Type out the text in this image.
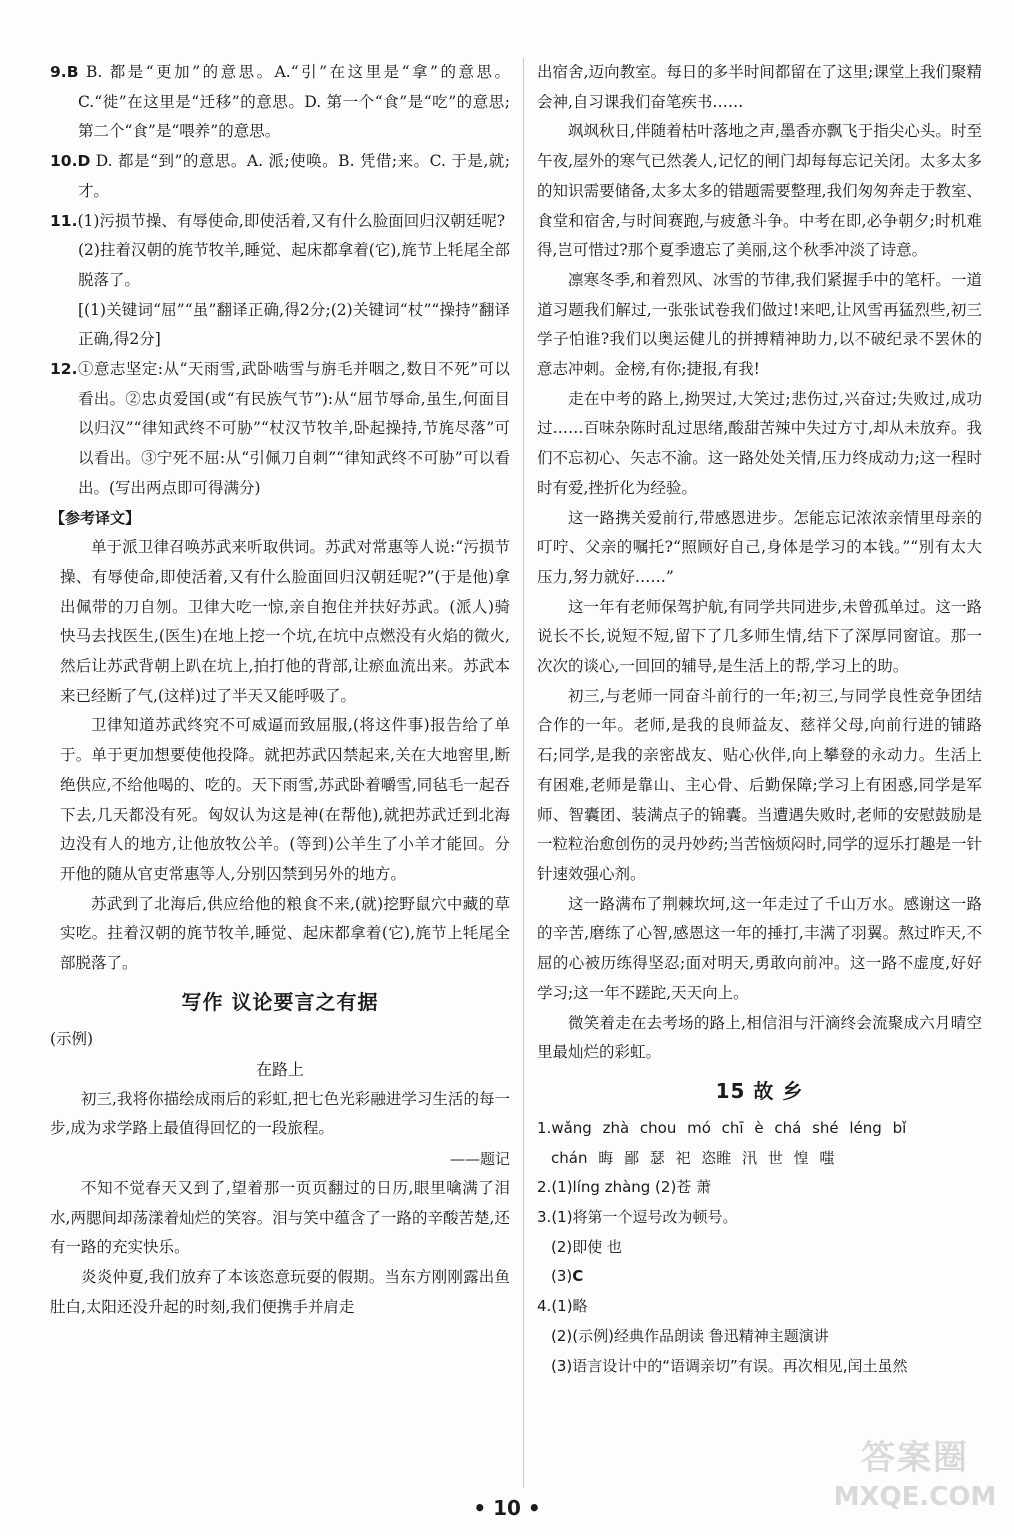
9.B B. 都是“更加”的意思。A.“引”在这里是“拿”的意思。C.“徙”在这里是“迁移”的意思。D. 第一个“食”是“吃”的意思;第二个“食”是“喂养”的意思。

10.D D. 都是“到”的意思。A. 派;使唤。B. 凭借;来。C. 于是,就;才。

11.(1)污损节操、有辱使命,即使活着,又有什么脸面回归汉朝廷呢?

(2)拄着汉朝的旄节牧羊,睡觉、起床都拿着(它),旄节上牦尾全部脱落了。

[(1)关键词“屈”“虽”翻译正确,得2分;(2)关键词“杖”“操持”翻译正确,得2分]

12.①意志坚定:从“天雨雪,武卧啮雪与旃毛并咽之,数日不死”可以看出。②忠贞爱国(或“有民族气节”):从“屈节辱命,虽生,何面目以归汉”“律知武终不可胁”“杖汉节牧羊,卧起操持,节旄尽落”可以看出。③宁死不屈:从“引佩刀自刺”“律知武终不可胁”可以看出。(写出两点即可得满分)

【参考译文】

单于派卫律召唤苏武来听取供词。苏武对常惠等人说:“污损节操、有辱使命,即使活着,又有什么脸面回归汉朝廷呢?”(于是他)拿出佩带的刀自刎。卫律大吃一惊,亲自抱住并扶好苏武。(派人)骑快马去找医生,(医生)在地上挖一个坑,在坑中点燃没有火焰的微火,然后让苏武背朝上趴在坑上,拍打他的背部,让瘀血流出来。苏武本来已经断了气,(这样)过了半天又能呼吸了。

卫律知道苏武终究不可威逼而致屈服,(将这件事)报告给了单于。单于更加想要使他投降。就把苏武囚禁起来,关在大地窖里,断绝供应,不给他喝的、吃的。天下雨雪,苏武卧着嚼雪,同毡毛一起吞下去,几天都没有死。匈奴认为这是神(在帮他),就把苏武迁到北海边没有人的地方,让他放牧公羊。(等到)公羊生了小羊才能回。分开他的随从官吏常惠等人,分别囚禁到另外的地方。

苏武到了北海后,供应给他的粮食不来,(就)挖野鼠穴中藏的草实吃。拄着汉朝的旄节牧羊,睡觉、起床都拿着(它),旄节上牦尾全部脱落了。

写作 议论要言之有据

(示例)

在路上

初三,我将你描绘成雨后的彩虹,把七色光彩融进学习生活的每一步,成为求学路上最值得回忆的一段旅程。

——题记

不知不觉春天又到了,望着那一页页翻过的日历,眼里噙满了泪水,两腮间却荡漾着灿烂的笑容。泪与笑中蕴含了一路的辛酸苦楚,还有一路的充实快乐。

炎炎仲夏,我们放弃了本该恣意玩耍的假期。当东方刚刚露出鱼肚白,太阳还没升起的时刻,我们便携手并肩走

出宿舍,迈向教室。每日的多半时间都留在了这里;课堂上我们聚精会神,自习课我们奋笔疾书……

飒飒秋日,伴随着枯叶落地之声,墨香亦飘飞于指尖心头。时至午夜,屋外的寒气已然袭人,记忆的闸门却每每忘记关闭。太多太多的知识需要储备,太多太多的错题需要整理,我们匆匆奔走于教室、食堂和宿舍,与时间赛跑,与疲惫斗争。中考在即,必争朝夕;时机难得,岂可惜过?那个夏季遗忘了美丽,这个秋季冲淡了诗意。

凛寒冬季,和着烈风、冰雪的节律,我们紧握手中的笔杆。一道道习题我们解过,一张张试卷我们做过!来吧,让风雪再猛烈些,初三学子怕谁?我们以奥运健儿的拼搏精神助力,以不破纪录不罢休的意志冲刺。金榜,有你;捷报,有我!

走在中考的路上,拗哭过,大笑过;悲伤过,兴奋过;失败过,成功过……百味杂陈时乱过思绪,酸甜苦辣中失过方寸,却从未放弃。我们不忘初心、矢志不渝。这一路处处关情,压力终成动力;这一程时时有爱,挫折化为经验。

这一路携关爱前行,带感恩进步。怎能忘记浓浓亲情里母亲的叮咛、父亲的嘱托?“照顾好自己,身体是学习的本钱。”“別有太大压力,努力就好……”

这一年有老师保驾护航,有同学共同进步,未曾孤单过。这一路说长不长,说短不短,留下了几多师生情,结下了深厚同窗谊。那一次次的谈心,一回回的辅导,是生活上的帮,学习上的助。

初三,与老师一同奋斗前行的一年;初三,与同学良性竞争团结合作的一年。老师,是我的良师益友、慈祥父母,向前行进的铺路石;同学,是我的亲密战友、贴心伙伴,向上攀登的永动力。生活上有困难,老师是靠山、主心骨、后勤保障;学习上有困惑,同学是军师、智囊团、装满点子的锦囊。当遭遇失败时,老师的安慰鼓励是一粒粒治愈创伤的灵丹妙药;当苦恼烦闷时,同学的逗乐打趣是一针针速效强心剂。

这一路满布了荆棘坎坷,这一年走过了千山万水。感谢这一路的辛苦,磨练了心智,感恩这一年的捶打,丰满了羽翼。熬过昨天,不屈的心被历练得坚忍;面对明天,勇敢向前冲。这一路不虚度,好好学习;这一年不蹉跎,天天向上。

微笑着走在去考场的路上,相信泪与汗滴终会流聚成六月晴空里最灿烂的彩虹。

15 故 乡

1.wǎng zhà chou mó chī è chá shé léng bǐ

chán 晦 鄙 瑟 祀 恣睢 汛 世 惶 嗤

2.(1)líng zhàng (2)苍 萧

3.(1)将第一个逗号改为顿号。

(2)即使 也

(3)C

4.(1)略

(2)(示例)经典作品朗读 鲁迅精神主题演讲

(3)语言设计中的“语调亲切”有误。再次相见,闰土虽然

• 10 •
答案圈
MXQE.COM
